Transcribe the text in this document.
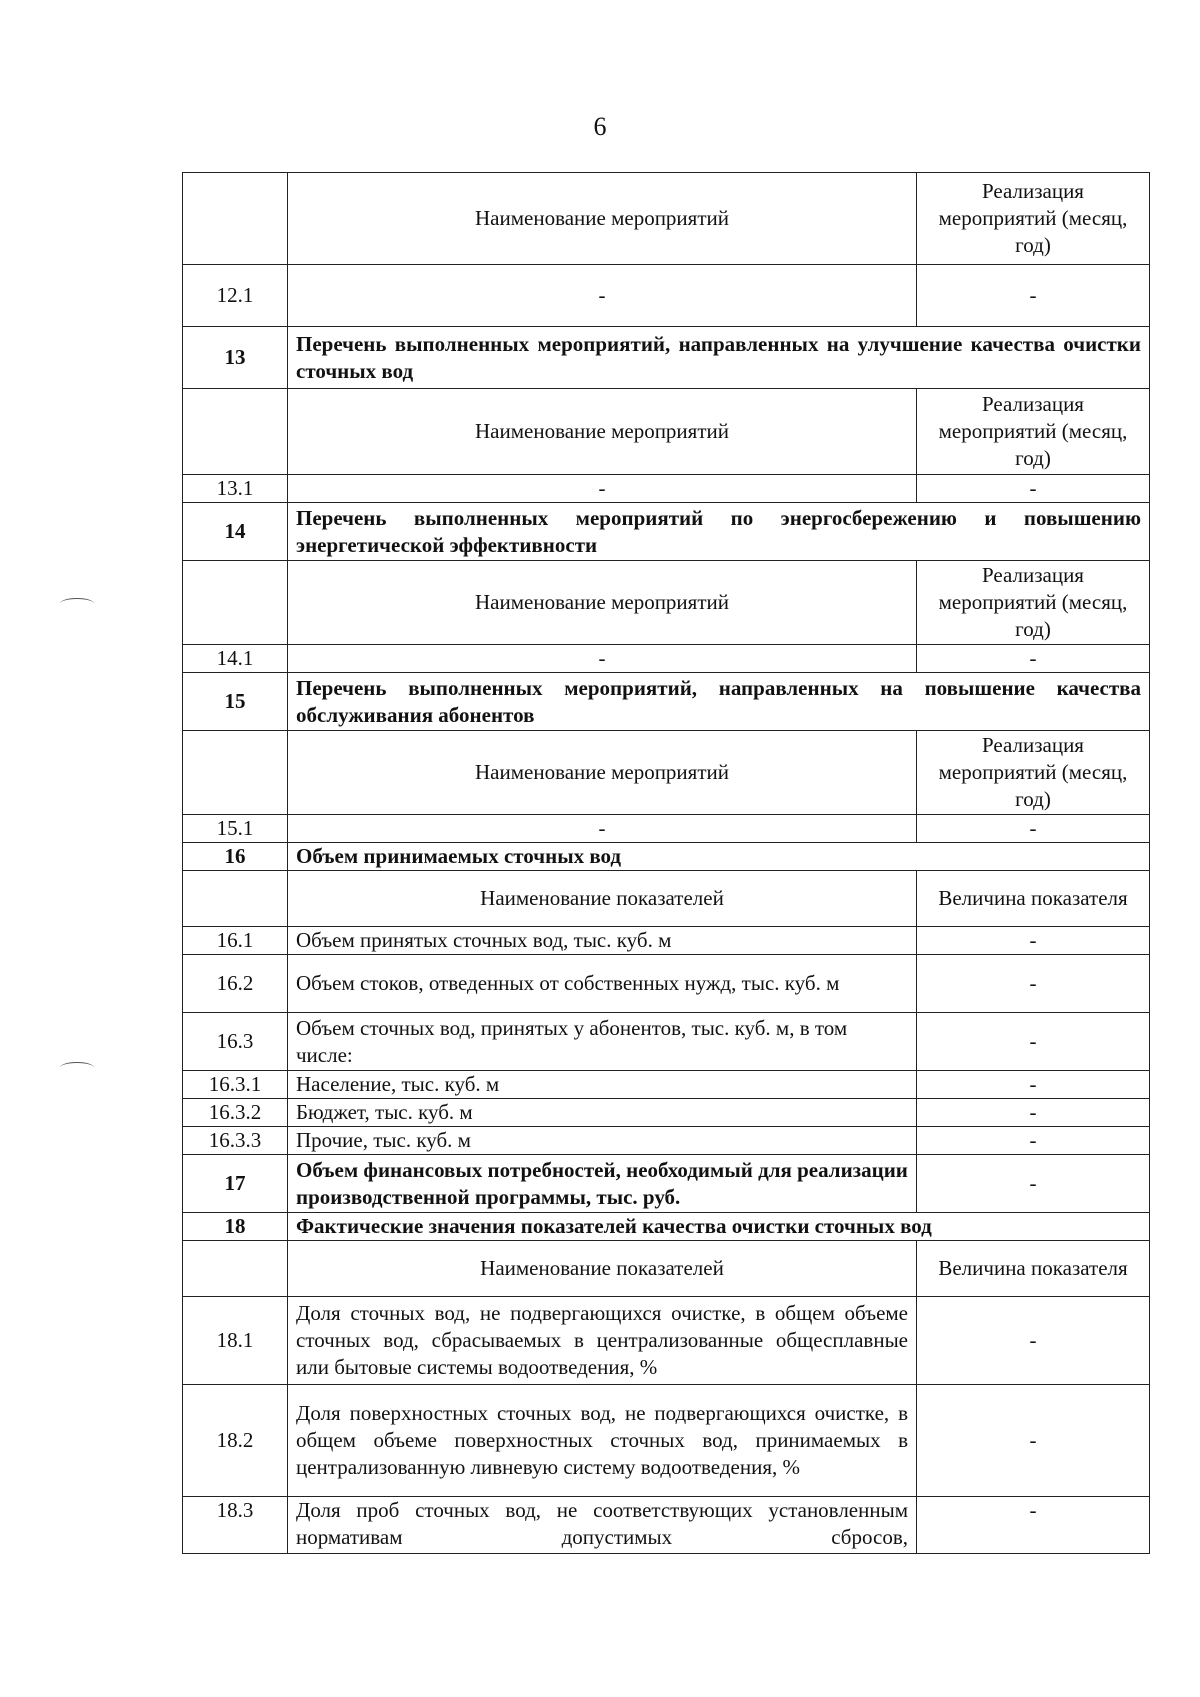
6
	Наименование мероприятий	Реализация мероприятий (месяц, год)
12.1	-	-
13	Перечень выполненных мероприятий, направленных на улучшение качества очистки сточных вод	
	Наименование мероприятий	Реализация мероприятий (месяц, год)
13.1	-	-
14	Перечень выполненных мероприятий по энергосбережению и повышению энергетической эффективности	
	Наименование мероприятий	Реализация мероприятий (месяц, год)
14.1	-	-
15	Перечень выполненных мероприятий, направленных на повышение качества обслуживания абонентов	
	Наименование мероприятий	Реализация мероприятий (месяц, год)
15.1	-	-
16	Объем принимаемых сточных вод	
	Наименование показателей	Величина показателя
16.1	Объем принятых сточных вод, тыс. куб. м	-
16.2	Объем стоков, отведенных от собственных нужд, тыс. куб. м	-
16.3	Объем сточных вод, принятых у абонентов, тыс. куб. м, в том числе:	-
16.3.1	Население, тыс. куб. м	-
16.3.2	Бюджет, тыс. куб. м	-
16.3.3	Прочие, тыс. куб. м	-
17	Объем финансовых потребностей, необходимый для реализации производственной программы, тыс. руб.	-
18	Фактические значения показателей качества очистки сточных вод	
	Наименование показателей	Величина показателя
18.1	Доля сточных вод, не подвергающихся очистке, в общем объеме сточных вод, сбрасываемых в централизованные общесплавные или бытовые системы водоотведения, %	-
18.2	Доля поверхностных сточных вод, не подвергающихся очистке, в общем объеме поверхностных сточных вод, принимаемых в централизованную ливневую систему водоотведения, %	-
18.3	Доля проб сточных вод, не соответствующих установленным нормативам допустимых сбросов,	-
